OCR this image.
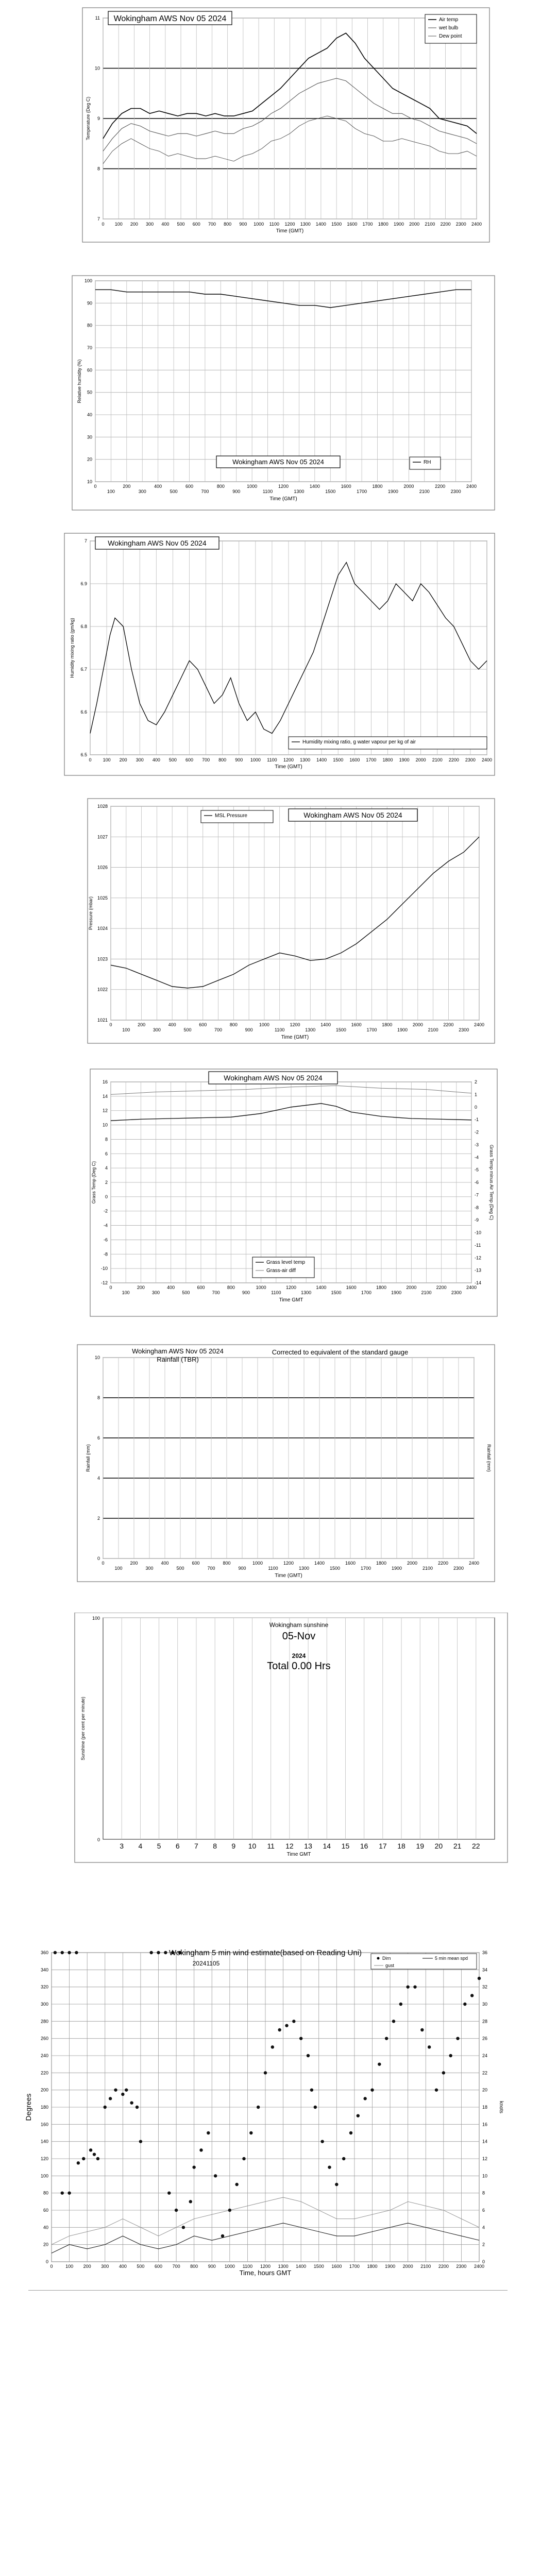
7
8
9
10
11
0 100 200 300 400 500 600 700 800 900 1000 1100 1200 1300 1400 1500 1600 1700 1800 1900 2000 2100 2200 2300 2400
Wokingham AWS Nov 05 2024	Air temp
wet bulb
Dew point
Time (GMT)
Temperature (Deg C)
10
20
30
40
50
60
70
80
90
100
0
100
200
300
400
500
600
700
800
900
1000
1100
1200
1300
1400
1500
1600
1700
1800
1900
2000
2100
2200
2300
2400
Wokingham AWS Nov 05 2024	RH
Time (GMT)
Relative humidity (%)
6.5
6.6
6.7
6.8
6.9
7
0 100 200 300 400 500 600 700 800 900 1000 1100 1200 1300 1400 1500 1600 1700 1800 1900 2000 2100 2200 2300 2400
Wokingham AWS Nov 05 2024
Humidity mixing ratio, g water vapour per kg of air
Time (GMT)
Humidity mixing ratio (gm/kg)
1021
1022
1023
1024
1025
1026
1027
1028
0
100
200
300
400
500
600
700
800
900
1000
1100
1200
1300
1400
1500
1600
1700
1800
1900
2000
2100
2200
2300
2400
MSL Pressure	Wokingham AWS Nov 05 2024
Time (GMT)
Pressure (mbar)
-12
-10
-8
-6
-4
-2
0
2
4
6
8
10
12
14
16
-14
-13
-12
-11
-10
-9
-8
-7
-6
-5
-4
-3
-2
-1
0
1
2
0
100
200
300
400
500
600
700
800
900
1000
1100
1200
1300
1400
1500
1600
1700
1800
1900
2000
2100
2200
2300
2400
Wokingham AWS Nov 05 2024
Grass level temp
Grass-air diff
Time GMT
Grass Temp (Deg C)	Grass Temp minus Air Temp (Deg C)
0
2
4
6
8
10
0
100
200
300
400
500
600
700
800
900
1000
1100
1200
1300
1400
1500
1600
1700
1800
1900
2000
2100
2200
2300
2400
Wokingham AWS Nov 05 2024
Rainfall (TBR)
Corrected to equivalent of the standard gauge
Time (GMT)
Rainfall (mm)	Rainfall (mm)
3 4 5 6 7 8 9 10 11 12 13 14 15 16 17 18 19 20 21 22
0
100
Time GMT
Sunshine (per cent per minute)
Wokingham sunshine
05-Nov
2024
Total 0.00 Hrs
0
20
40
60
80
100
120
140
160
180
200
220
240
260
280
300
320
340
360
0
2
4
6
8
10
12
14
16
18
20
22
24
26
28
30
32
34
36
0	100 200 300 400 500 600 700 800 900 1000 1100 1200 1300 1400 1500 1600 1700 1800 1900 2000 2100 2200 2300 2400
Wokingham 5 min wind estimate(based on Reading Uni)
20241105
Dirn	5 min mean spd
gust
Time, hours GMT
Degrees	knots
